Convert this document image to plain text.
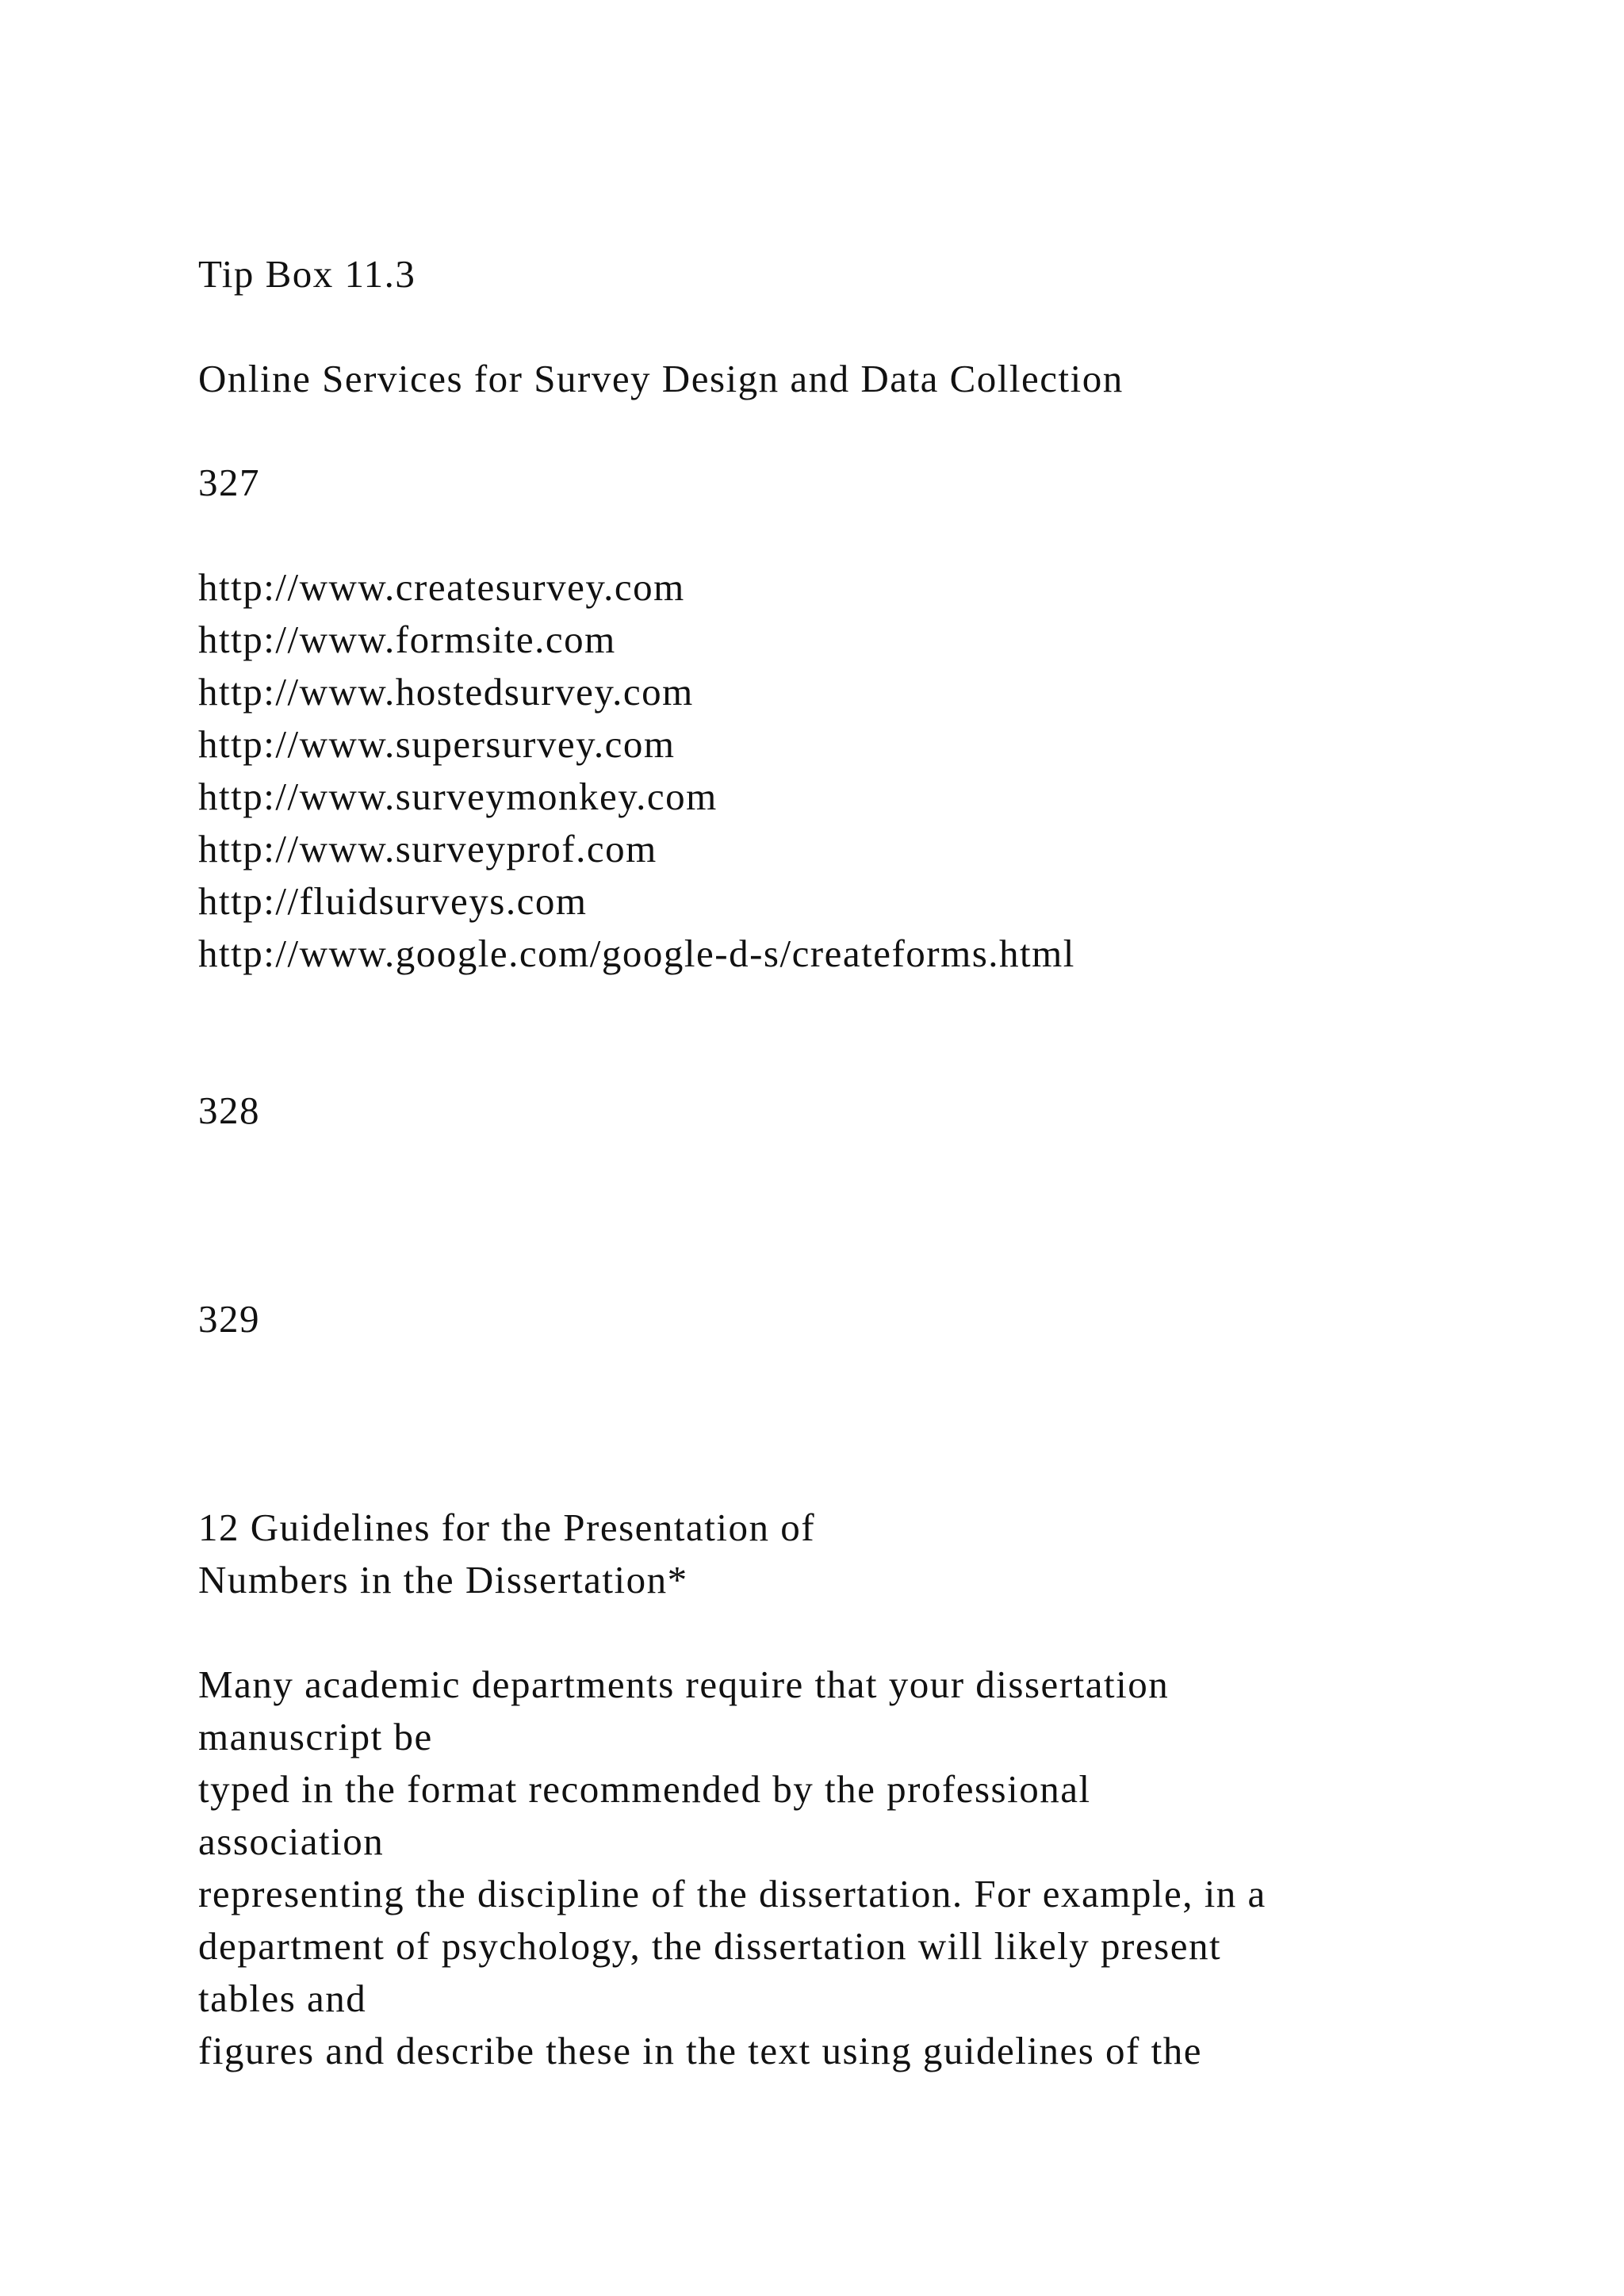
Tip Box 11.3
Online Services for Survey Design and Data Collection
327
http://www.createsurvey.com
http://www.formsite.com
http://www.hostedsurvey.com
http://www.supersurvey.com
http://www.surveymonkey.com
http://www.surveyprof.com
http://fluidsurveys.com
http://www.google.com/google-d-s/createforms.html
328
329
12 Guidelines for the Presentation of
Numbers in the Dissertation*
Many academic departments require that your dissertation
manuscript be
typed in the format recommended by the professional
association
representing the discipline of the dissertation. For example, in a
department of psychology, the dissertation will likely present
tables and
figures and describe these in the text using guidelines of the
